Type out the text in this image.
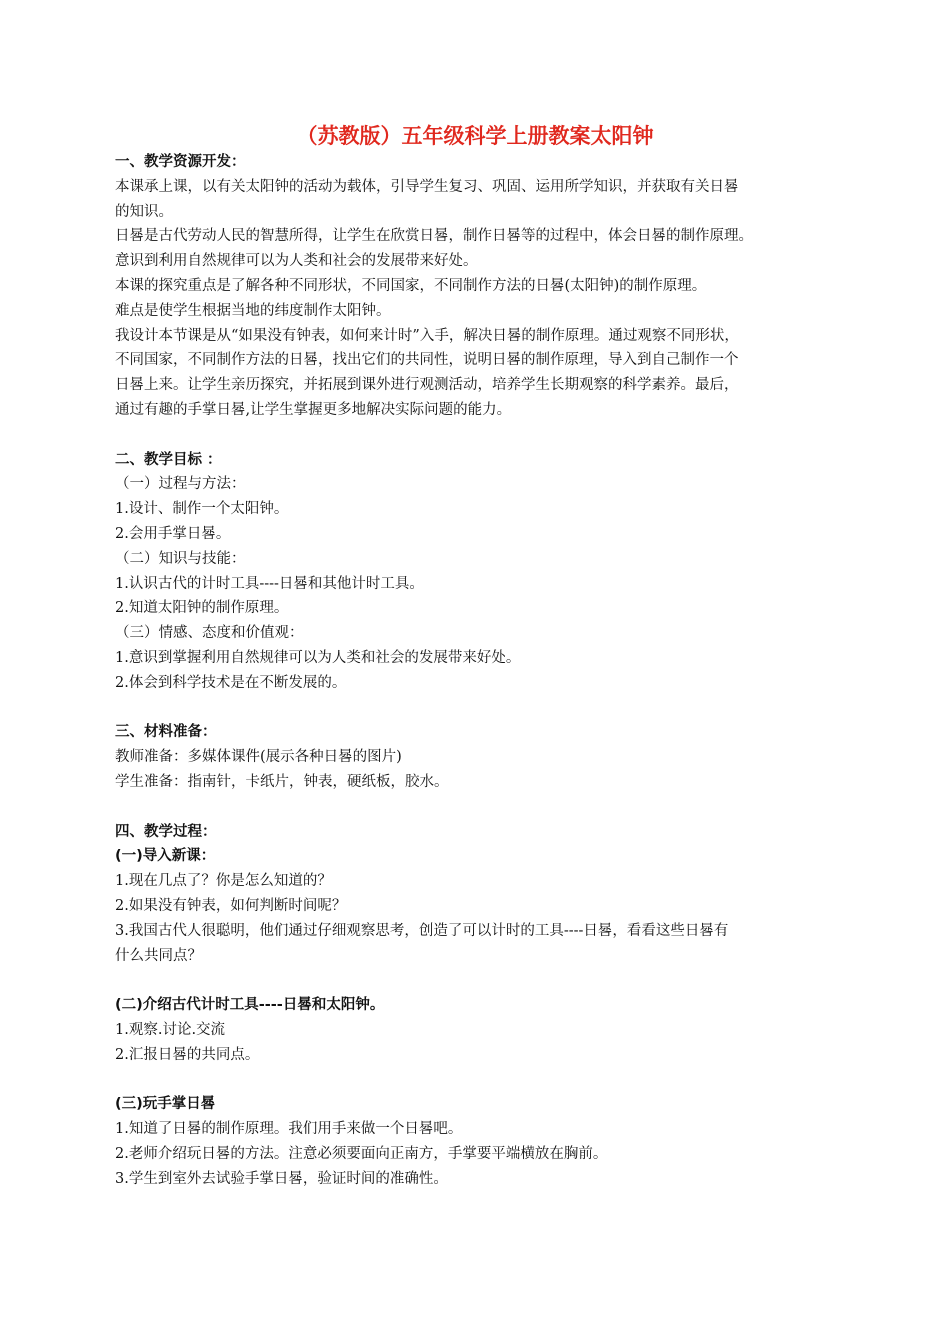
（苏教版）五年级科学上册教案太阳钟
一、教学资源开发：
本课承上课，以有关太阳钟的活动为载体，引导学生复习、巩固、运用所学知识，并获取有关日晷
的知识。
日晷是古代劳动人民的智慧所得，让学生在欣赏日晷，制作日晷等的过程中，体会日晷的制作原理。
意识到利用自然规律可以为人类和社会的发展带来好处。
本课的探究重点是了解各种不同形状，不同国家，不同制作方法的日晷(太阳钟)的制作原理。
难点是使学生根据当地的纬度制作太阳钟。
我设计本节课是从“如果没有钟表，如何来计时”入手，解决日晷的制作原理。通过观察不同形状，
不同国家，不同制作方法的日晷，找出它们的共同性，说明日晷的制作原理，导入到自己制作一个
日晷上来。让学生亲历探究，并拓展到课外进行观测活动，培养学生长期观察的科学素养。最后，
通过有趣的手掌日晷,让学生掌握更多地解决实际问题的能力。
二、教学目标 ：
（一）过程与方法：
1.设计、制作一个太阳钟。
2.会用手掌日晷。
（二）知识与技能：
1.认识古代的计时工具----日晷和其他计时工具。
2.知道太阳钟的制作原理。
（三）情感、态度和价值观：
1.意识到掌握利用自然规律可以为人类和社会的发展带来好处。
2.体会到科学技术是在不断发展的。
三、材料准备：
教师准备：多媒体课件(展示各种日晷的图片)
学生准备：指南针，卡纸片，钟表，硬纸板，胶水。
四、教学过程：
(一)导入新课：
1.现在几点了？你是怎么知道的？
2.如果没有钟表，如何判断时间呢？
3.我国古代人很聪明，他们通过仔细观察思考，创造了可以计时的工具----日晷，看看这些日晷有
什么共同点？
(二)介绍古代计时工具----日晷和太阳钟。
1.观察.讨论.交流
2.汇报日晷的共同点。
(三)玩手掌日晷
1.知道了日晷的制作原理。我们用手来做一个日晷吧。
2.老师介绍玩日晷的方法。注意必须要面向正南方，手掌要平端横放在胸前。
3.学生到室外去试验手掌日晷，验证时间的准确性。
